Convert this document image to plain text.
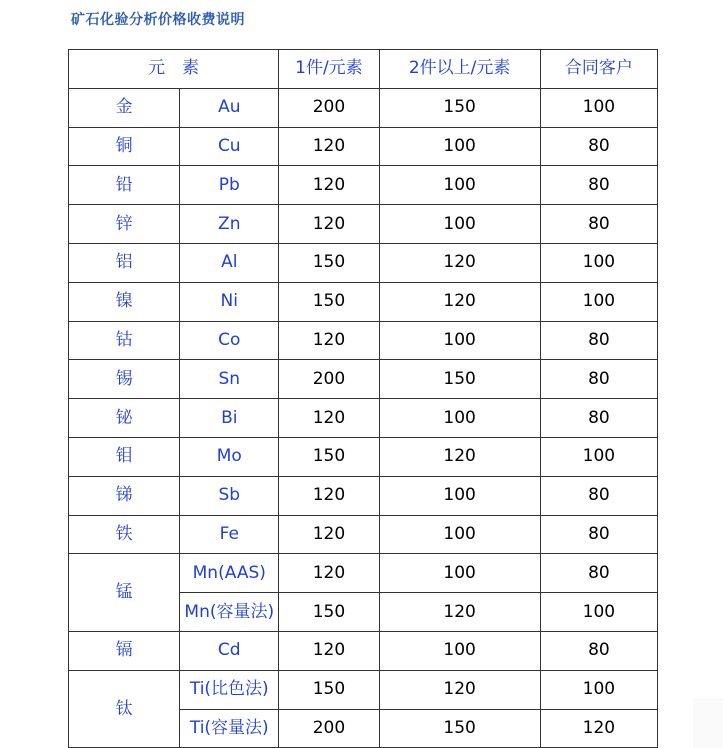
矿石化验分析价格收费说明
元　素		1件/元素	2件以上/元素	合同客户
金	Au	200	150	100
铜	Cu	120	100	80
铅	Pb	120	100	80
锌	Zn	120	100	80
铝	Al	150	120	100
镍	Ni	150	120	100
钴	Co	120	100	80
锡	Sn	200	150	80
铋	Bi	120	100	80
钼	Mo	150	120	100
锑	Sb	120	100	80
铁	Fe	120	100	80
锰	Mn(AAS)	120	100	80
	Mn(容量法)	150	120	100
镉	Cd	120	100	80
钛	Ti(比色法)	150	120	100
	Ti(容量法)	200	150	120
